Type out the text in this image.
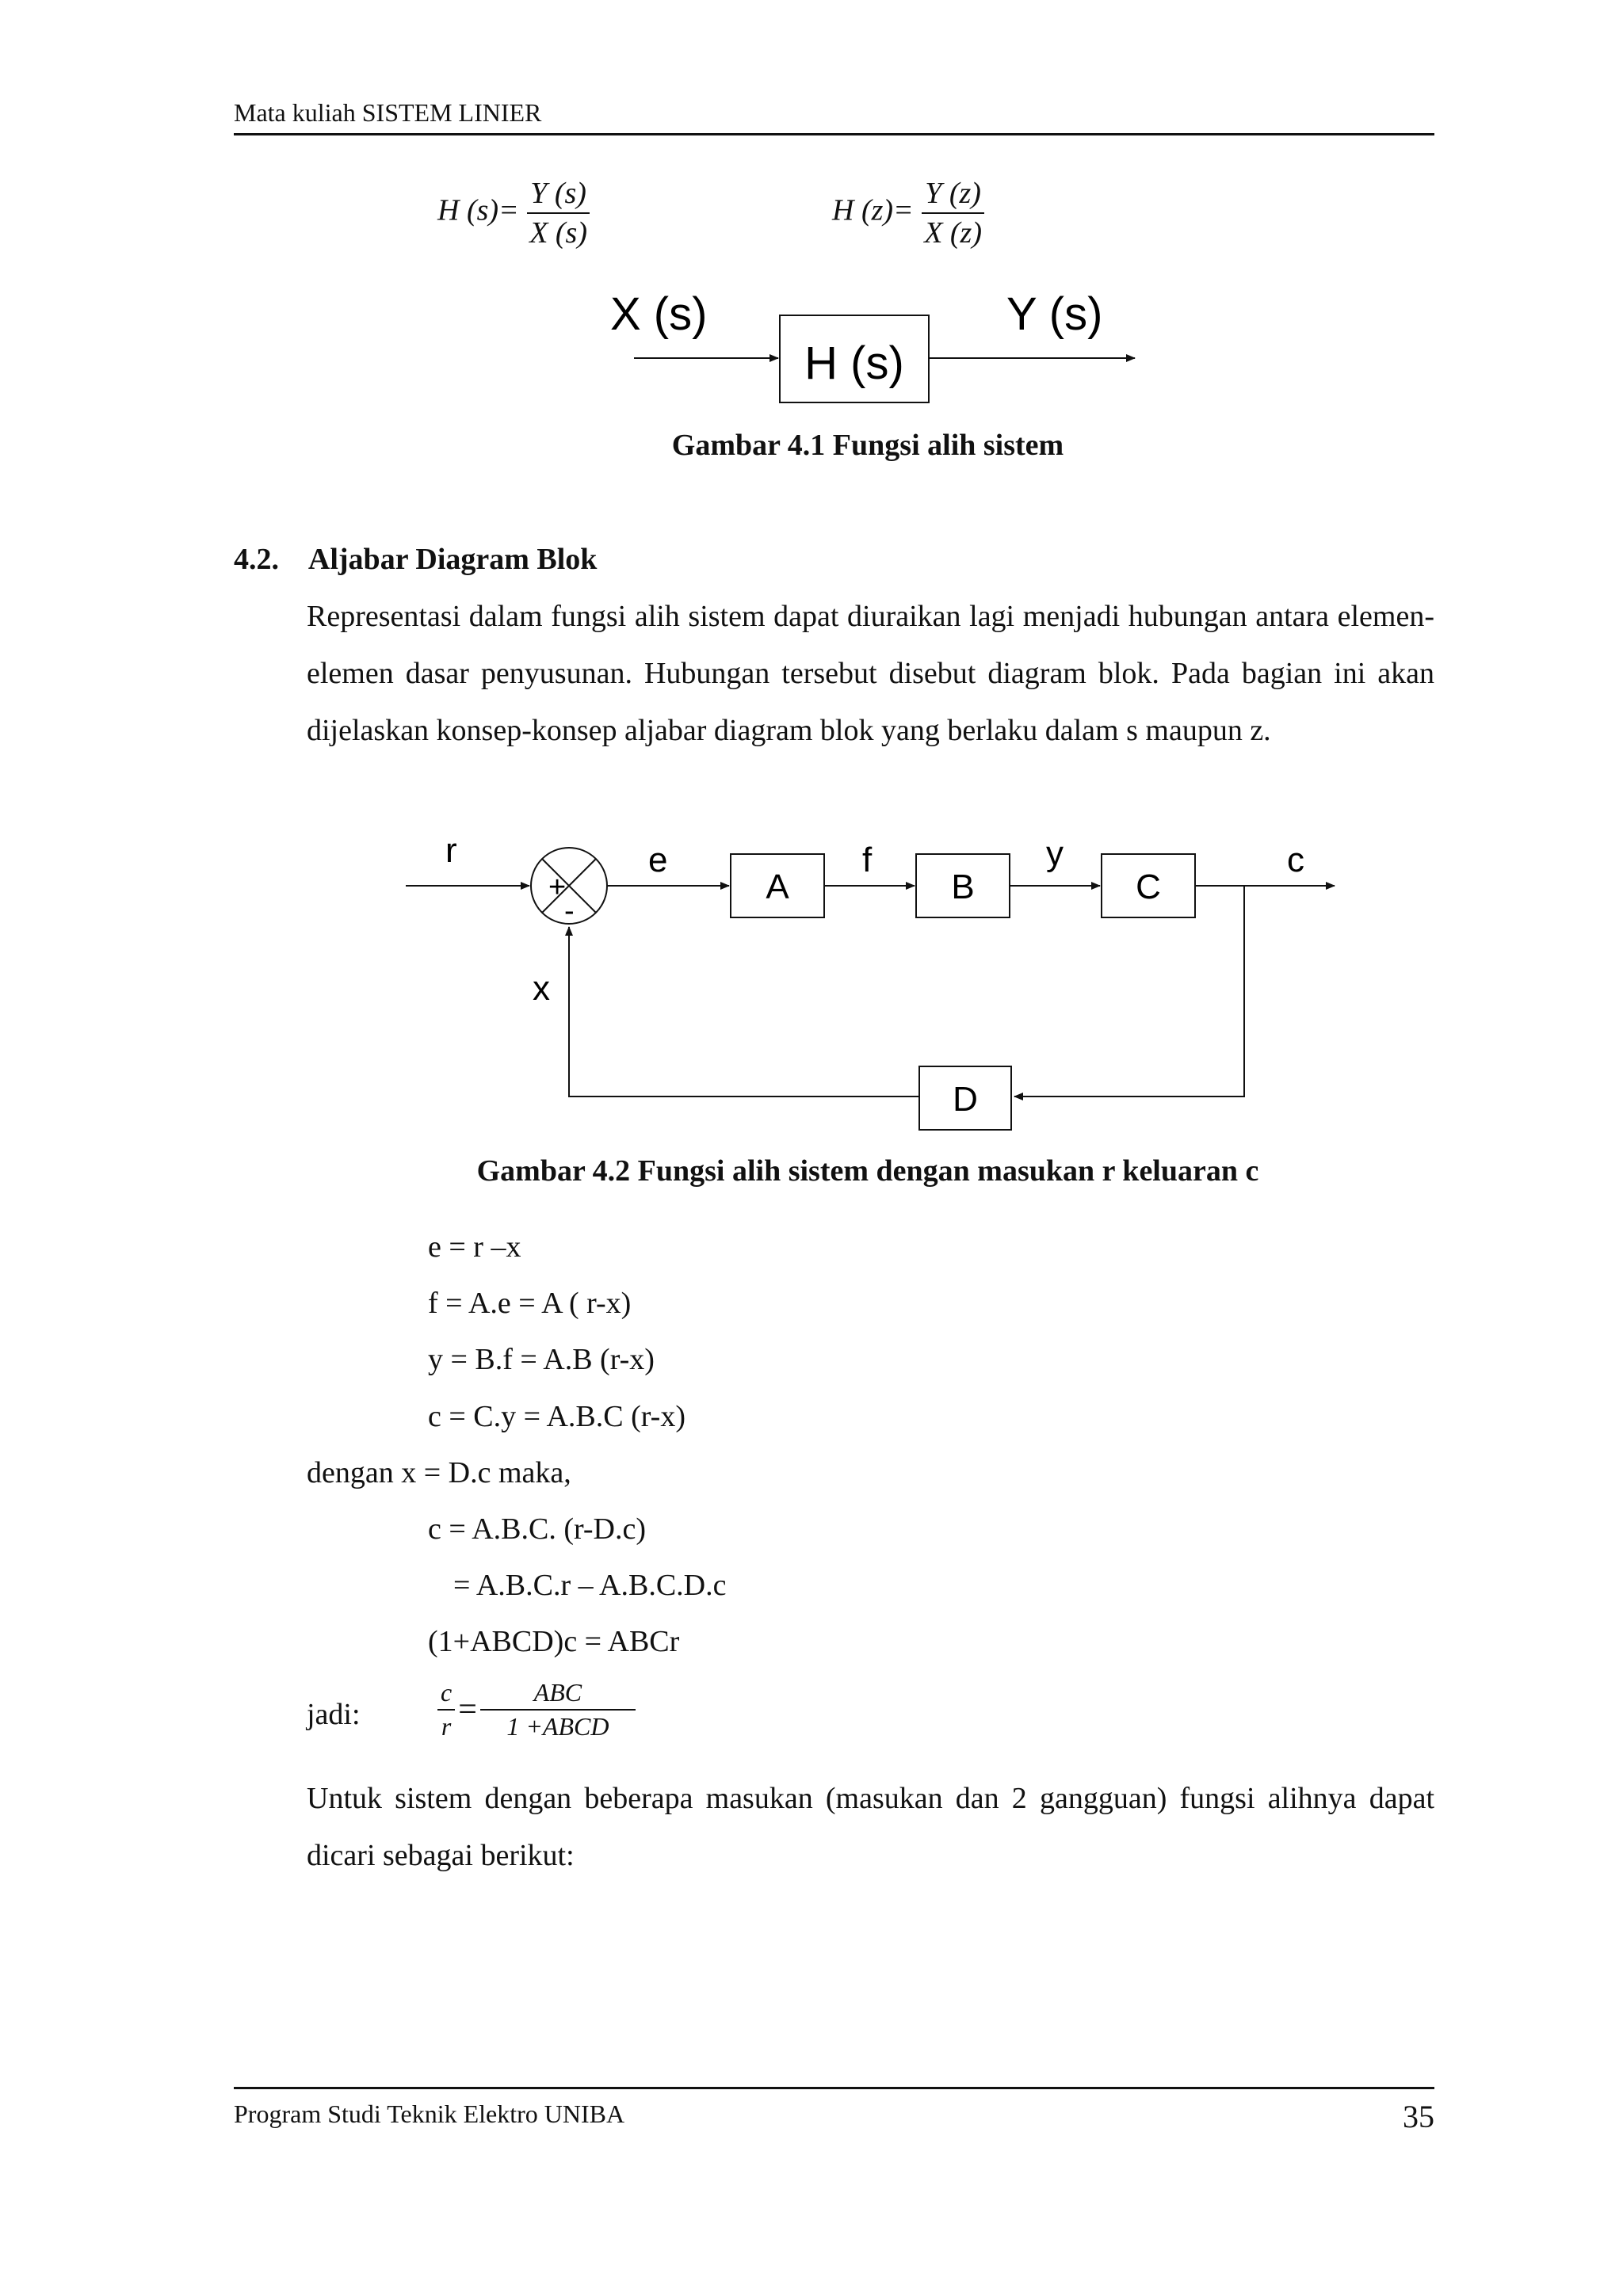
Mata kuliah SISTEM LINIER
H $(s)= \frac{Y (s)}{X (s)}$	H $(z)= \frac{Y (z)}{X (z)}$
X (s)
H (s)
Y (s)
Gambar 4.1 Fungsi alih sistem
4.2. Aljabar Diagram Blok
Representasi dalam fungsi alih sistem dapat diuraikan lagi menjadi hubungan antara elemen-elemen dasar penyusunan. Hubungan tersebut disebut diagram blok. Pada bagian ini akan dijelaskan konsep-konsep aljabar diagram blok yang berlaku dalam s maupun z.
r
+
-
e
A
f
B
y
C
c
x
D
Gambar 4.2 Fungsi alih sistem dengan masukan r keluaran c
e = r –x
f = A.e = A ( r-x)
y = B.f = A.B (r-x)
c = C.y = A.B.C (r-x)
dengan x = D.c maka,
c = A.B.C. (r-D.c)
= A.B.C.r – A.B.C.D.c
(1+ABCD)c = ABCr
jadi:	$\frac{c}{r} = \frac{\text{ABC}}{\text{1 +ABCD}}$
Untuk sistem dengan beberapa masukan (masukan dan 2 gangguan) fungsi alihnya dapat dicari sebagai berikut:
Program Studi Teknik Elektro UNIBA	35
